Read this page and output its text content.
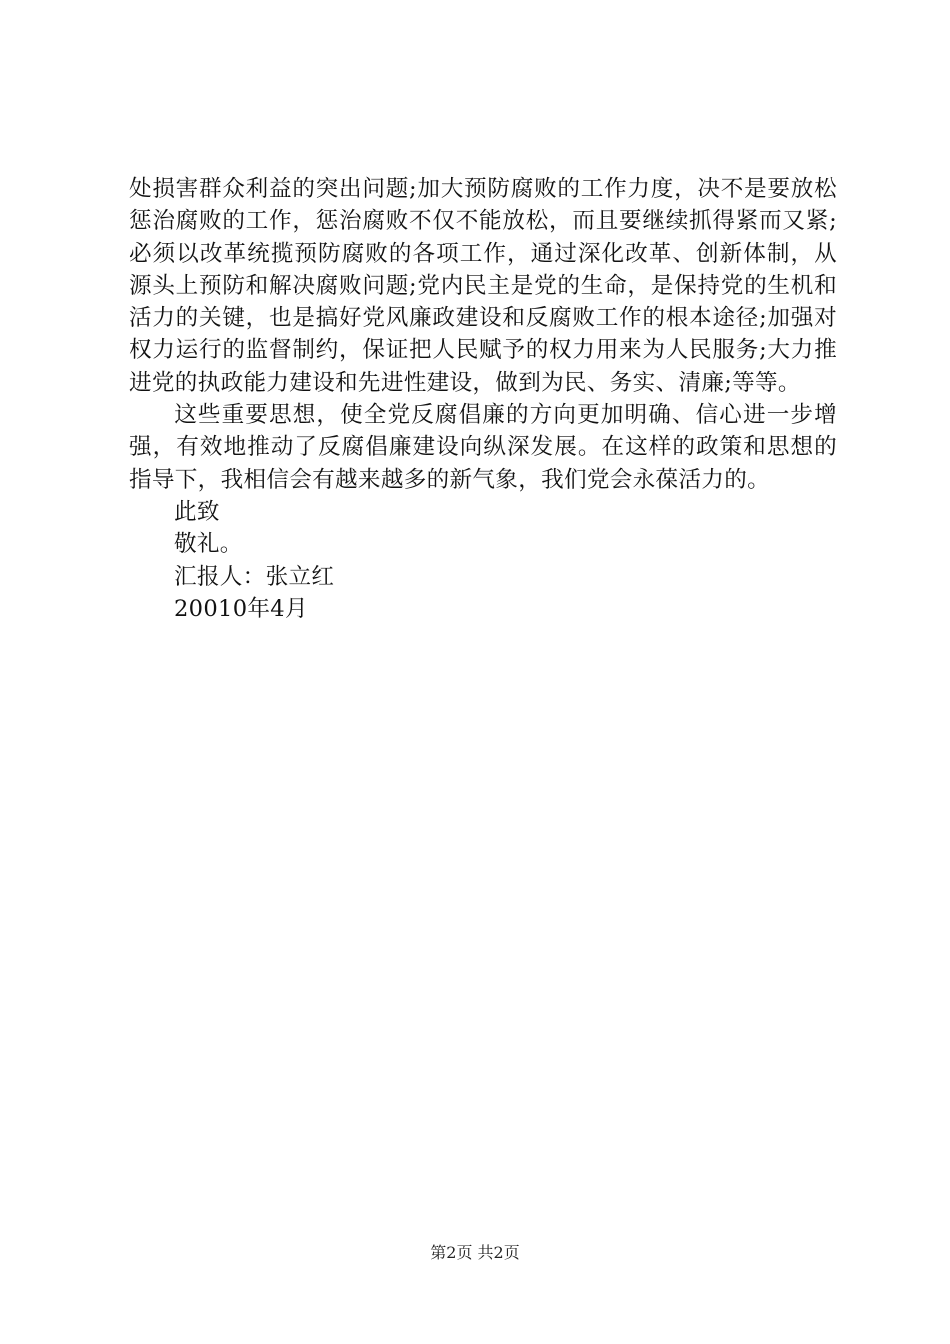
处损害群众利益的突出问题;加大预防腐败的工作力度，决不是要放松惩治腐败的工作，惩治腐败不仅不能放松，而且要继续抓得紧而又紧;必须以改革统揽预防腐败的各项工作，通过深化改革、创新体制，从源头上预防和解决腐败问题;党内民主是党的生命，是保持党的生机和活力的关键，也是搞好党风廉政建设和反腐败工作的根本途径;加强对权力运行的监督制约，保证把人民赋予的权力用来为人民服务;大力推进党的执政能力建设和先进性建设，做到为民、务实、清廉;等等。

这些重要思想，使全党反腐倡廉的方向更加明确、信心进一步增强，有效地推动了反腐倡廉建设向纵深发展。在这样的政策和思想的指导下，我相信会有越来越多的新气象，我们党会永葆活力的。

此致

敬礼。

汇报人：张立红

20010年4月

第2页 共2页
